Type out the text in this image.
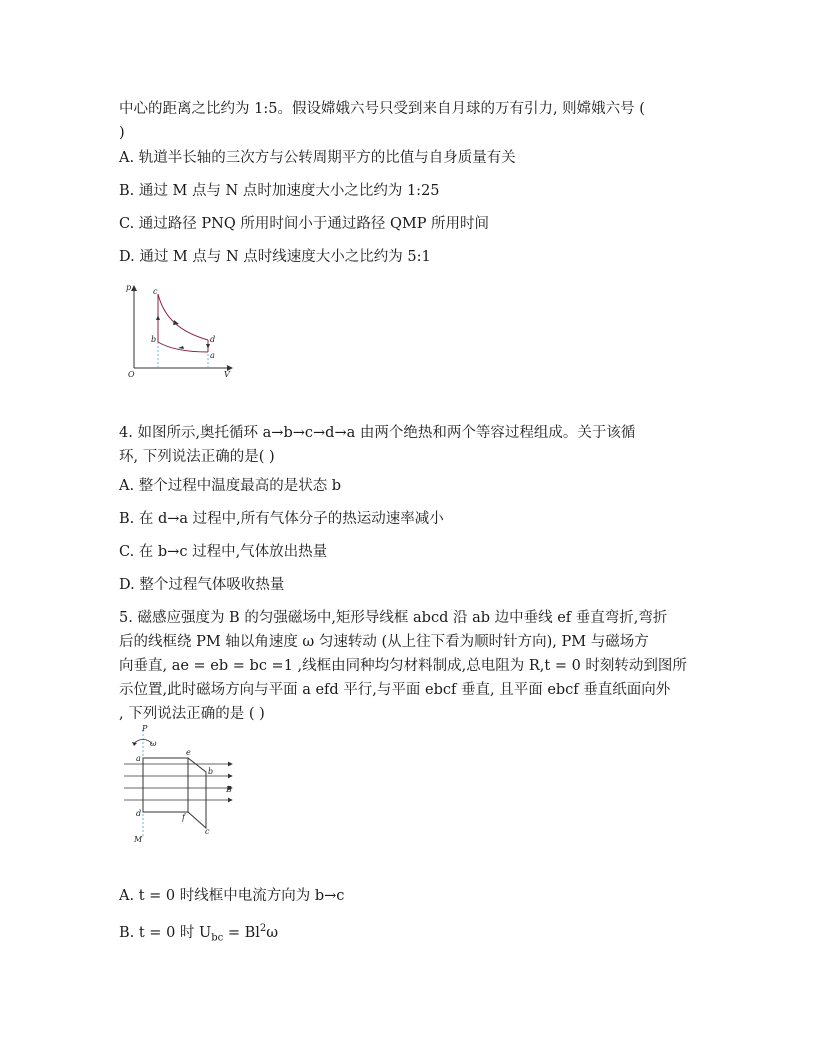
中心的距离之比约为 1:5。假设嫦娥六号只受到来自月球的万有引力, 则嫦娥六号 (
)
A. 轨道半长轴的三次方与公转周期平方的比值与自身质量有关
B. 通过 M 点与 N 点时加速度大小之比约为 1:25
C. 通过路径 PNQ 所用时间小于通过路径 QMP 所用时间
D. 通过 M 点与 N 点时线速度大小之比约为 5:1
p
V
O
c
b	d
a
4. 如图所示,奥托循环 a→b→c→d→a 由两个绝热和两个等容过程组成。关于该循
环, 下列说法正确的是( )
A. 整个过程中温度最高的是状态 b
B. 在 d→a 过程中,所有气体分子的热运动速率减小
C. 在 b→c 过程中,气体放出热量
D. 整个过程气体吸收热量
5. 磁感应强度为 B 的匀强磁场中,矩形导线框 abcd 沿 ab 边中垂线 ef 垂直弯折,弯折
后的线框绕 PM 轴以角速度 ω 匀速转动 (从上往下看为顺时针方向), PM 与磁场方
向垂直, ae = eb = bc =1 ,线框由同种均匀材料制成,总电阻为 R,t = 0 时刻转动到图所
示位置,此时磁场方向与平面 a efd 平行,与平面 ebcf 垂直, 且平面 ebcf 垂直纸面向外
, 下列说法正确的是 ( )
P
ω
M
B
a
e
b
d	f
c
A. t = 0 时线框中电流方向为 b→c
B. t = 0 时 $U_{bc} = Bl^2\omega$
